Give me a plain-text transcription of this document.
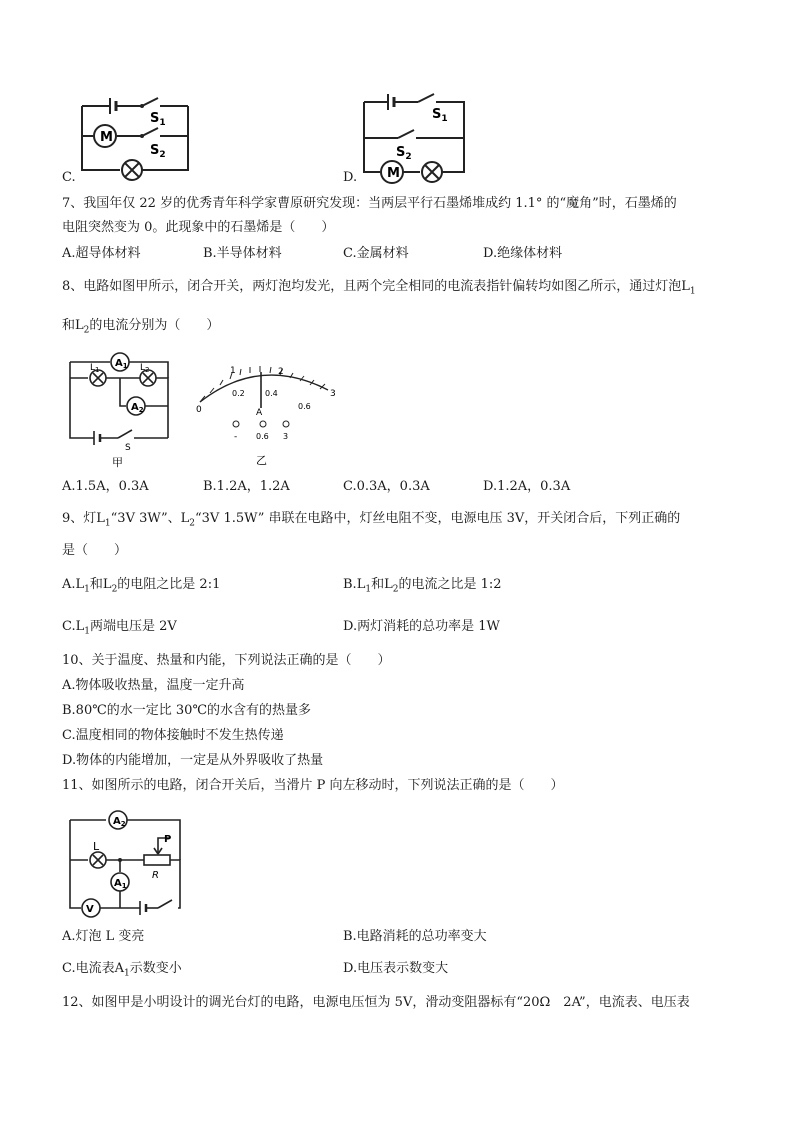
M
$S_1$
$S_2$
C.	M
$S_1$
$S_2$
D.
7、我国年仅 22 岁的优秀青年科学家曹原研究发现：当两层平行石墨烯堆成约 1.1° 的“魔角”时，石墨烯的
电阻突然变为 0。此现象中的石墨烯是（　　）
A.超导体材料	B.半导体材料	C.金属材料	D.绝缘体材料
8、电路如图甲所示，闭合开关，两灯泡均发光，且两个完全相同的电流表指针偏转均如图乙所示，通过灯泡$L_1$
和$L_2$的电流分别为（　　）
$A_1$
$L_1$	$L_2$
$A_2$
S
甲
0
1	2
3
0.2	0.4
0.6
A
- 0.6 3
乙
A.1.5A，0.3A	B.1.2A，1.2A	C.0.3A，0.3A	D.1.2A，0.3A
9、灯$L_1“3V$ 3W”、$L_2“3V$ 1.5W” 串联在电路中，灯丝电阻不变，电源电压 3V，开关闭合后，下列正确的
是（　　）
$A.L_1$和$L_2$的电阻之比是 2:1	$B.L_1$和$L_2$的电流之比是 1:2
$C.L_1$两端电压是 2V	D.两灯消耗的总功率是 1W
10、关于温度、热量和内能，下列说法正确的是（　　）
A.物体吸收热量，温度一定升高
B.80℃的水一定比 30℃的水含有的热量多
C.温度相同的物体接触时不发生热传递
D.物体的内能增加，一定是从外界吸收了热量
11、如图所示的电路，闭合开关后，当滑片 P 向左移动时，下列说法正确的是（　　）
$A_2$
L
P
R
$A_1$
V
A.灯泡 L 变亮	B.电路消耗的总功率变大
C.电流表$A_1$示数变小	D.电压表示数变大
12、如图甲是小明设计的调光台灯的电路，电源电压恒为 5V，滑动变阻器标有“20Ω　2A”，电流表、电压表
